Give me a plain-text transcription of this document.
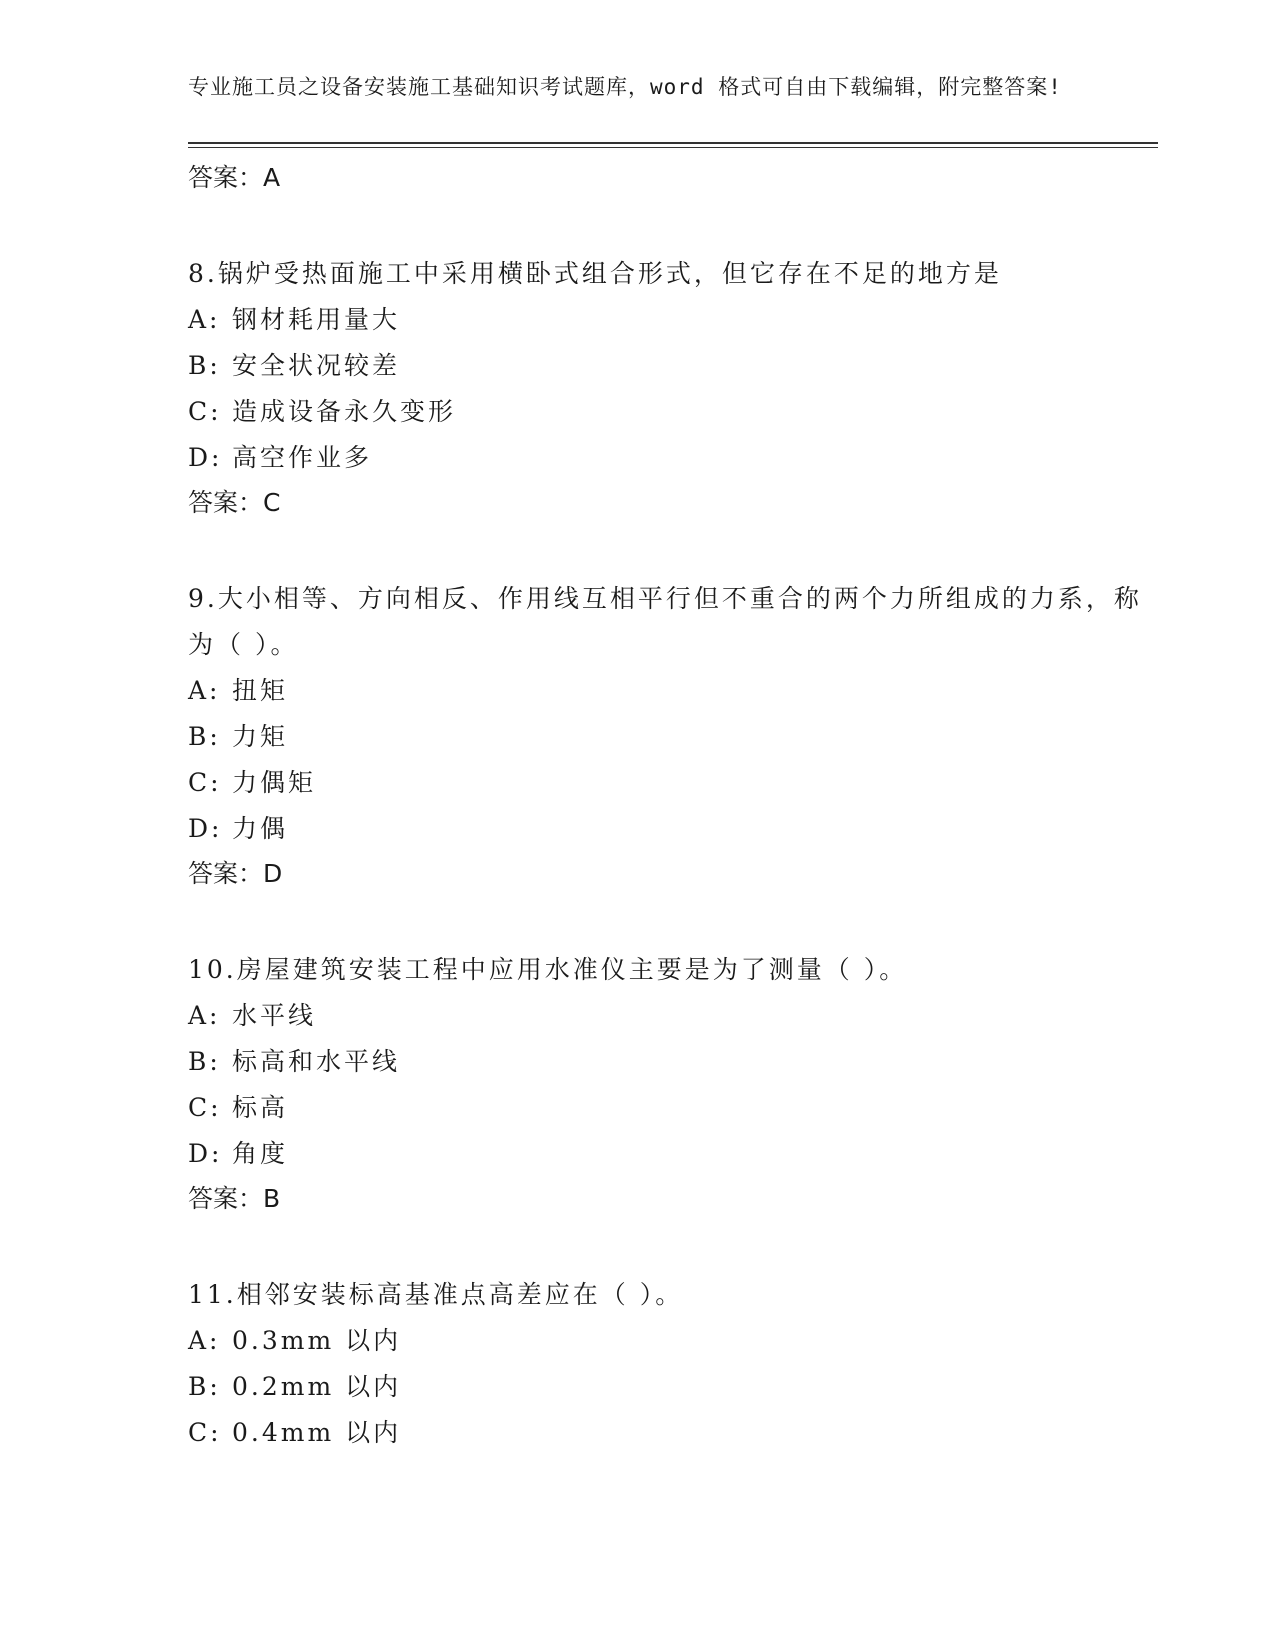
专业施工员之设备安装施工基础知识考试题库，word 格式可自由下载编辑，附完整答案!
答案：A
8.锅炉受热面施工中采用横卧式组合形式，但它存在不足的地方是
A: 钢材耗用量大
B: 安全状况较差
C: 造成设备永久变形
D: 高空作业多
答案：C
9.大小相等、方向相反、作用线互相平行但不重合的两个力所组成的力系，称为（ ）。
A: 扭矩
B: 力矩
C: 力偶矩
D: 力偶
答案：D
10.房屋建筑安装工程中应用水准仪主要是为了测量（ ）。
A: 水平线
B: 标高和水平线
C: 标高
D: 角度
答案：B
11.相邻安装标高基准点高差应在（ ）。
A: 0.3mm 以内
B: 0.2mm 以内
C: 0.4mm 以内
